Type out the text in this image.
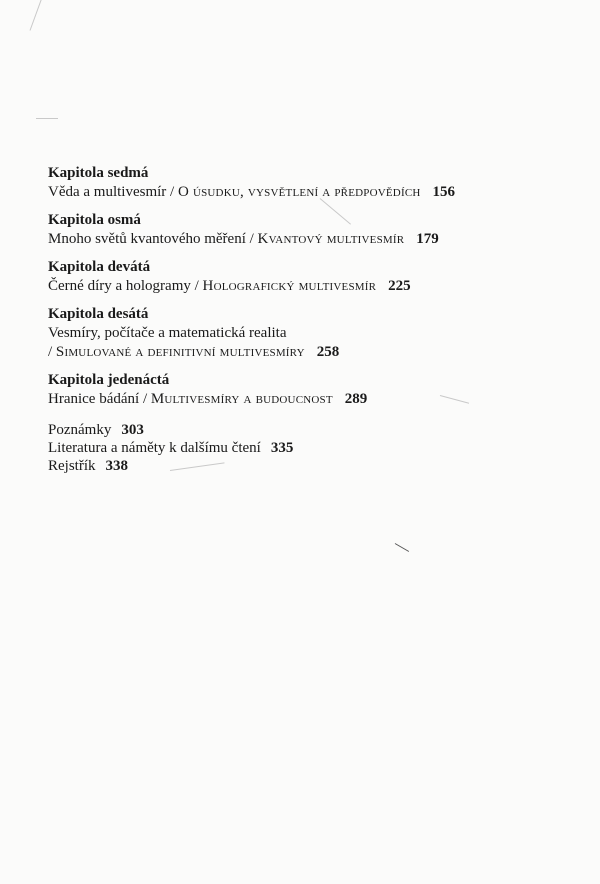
Kapitola sedmá
Věda a multivesmír / O úsudku, vysvětlení a předpovědích 156
Kapitola osmá
Mnoho světů kvantového měření / Kvantový multivesmír 179
Kapitola devátá
Černé díry a hologramy / Holografický multivesmír 225
Kapitola desátá
Vesmíry, počítače a matematická realita
/ Simulované a definitivní multivesmíry 258
Kapitola jedenáctá
Hranice bádání / Multivesmíry a budoucnost 289
Poznámky 303
Literatura a náměty k dalšímu čtení 335
Rejstřík 338
